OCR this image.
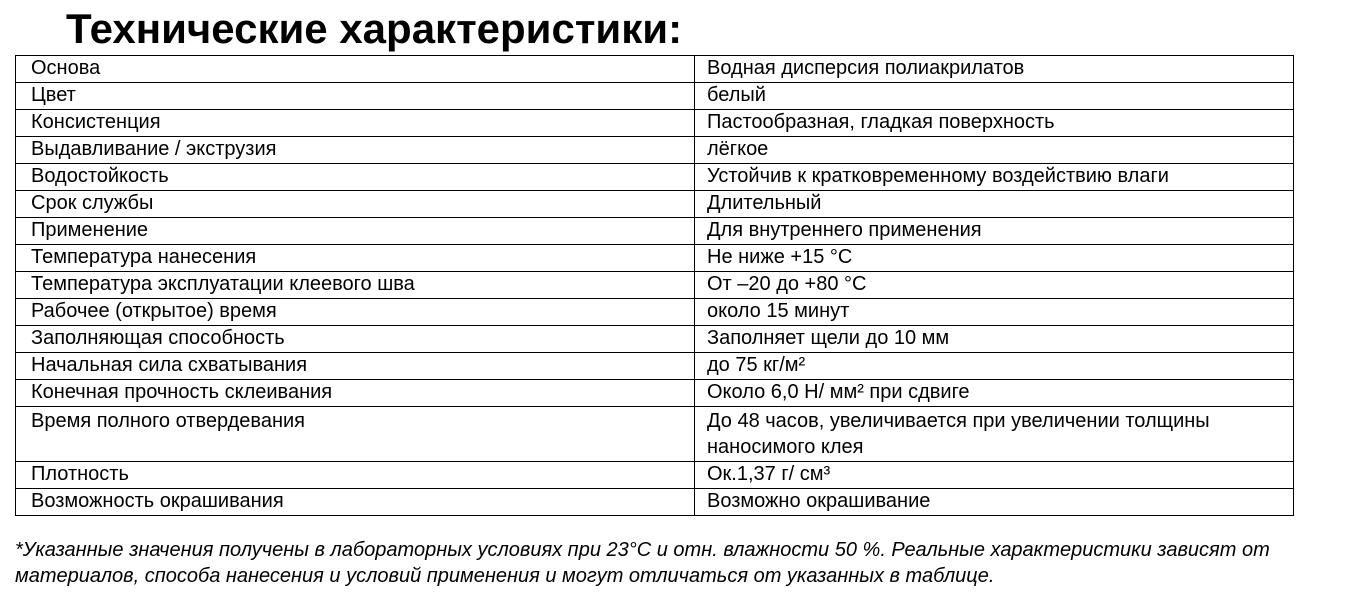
Технические характеристики:
Основа	Водная дисперсия полиакрилатов
Цвет	белый
Консистенция	Пастообразная, гладкая поверхность
Выдавливание / экструзия	лёгкое
Водостойкость	Устойчив к кратковременному воздействию влаги
Срок службы	Длительный
Применение	Для внутреннего применения
Температура нанесения	Не ниже +15 °С
Температура эксплуатации клеевого шва	От –20 до +80 °С
Рабочее (открытое) время	около 15 минут
Заполняющая способность	Заполняет щели до 10 мм
Начальная сила схватывания	до 75 кг/м²
Конечная прочность склеивания	Около 6,0 Н/ мм² при сдвиге
Время полного отвердевания	До 48 часов, увеличивается при увеличении толщины наносимого клея
Плотность	Ок.1,37 г/ см³
Возможность окрашивания	Возможно окрашивание

*Указанные значения получены в лабораторных условиях при 23°С и отн. влажности 50 %. Реальные характеристики зависят от материалов, способа нанесения и условий применения и могут отличаться от указанных в таблице.
